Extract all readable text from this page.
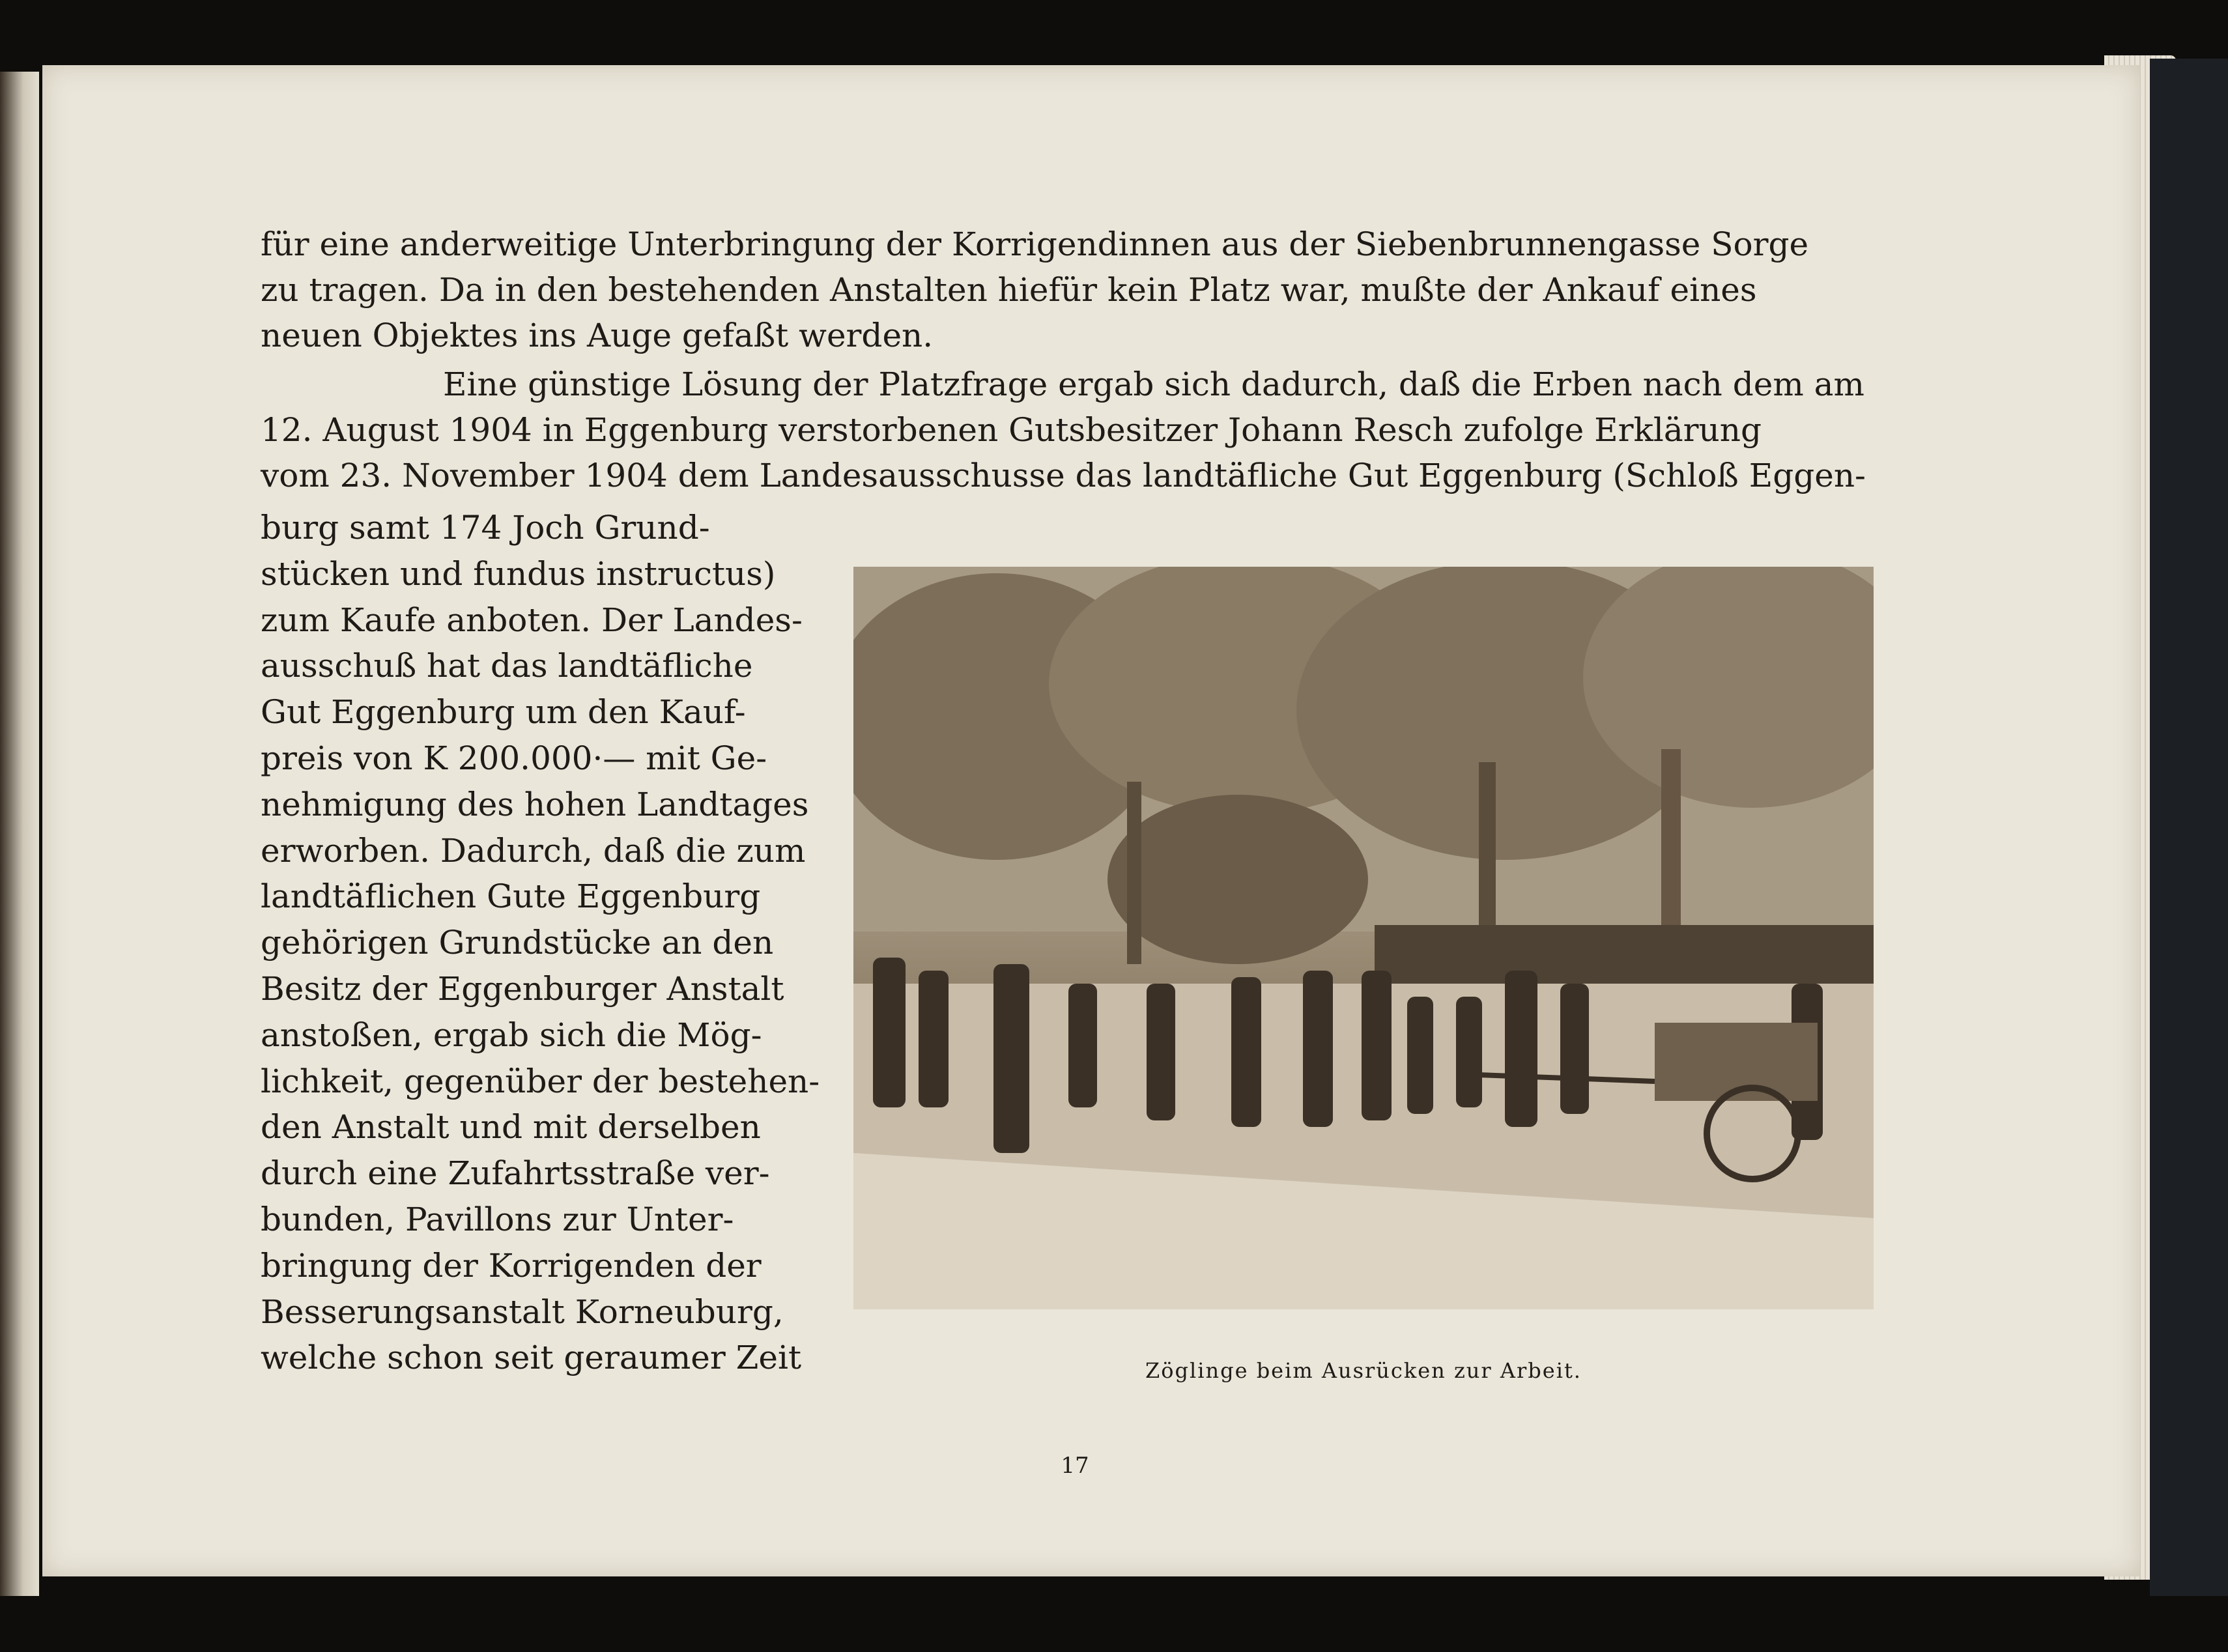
für eine anderweitige Unterbringung der Korrigendinnen aus der Siebenbrunnengasse Sorge

zu tragen. Da in den bestehenden Anstalten hiefür kein Platz war, mußte der Ankauf eines

neuen Objektes ins Auge gefaßt werden.

Eine günstige Lösung der Platzfrage ergab sich dadurch, daß die Erben nach dem am

12. August 1904 in Eggenburg verstorbenen Gutsbesitzer Johann Resch zufolge Erklärung

vom 23. November 1904 dem Landesausschusse das landtäfliche Gut Eggenburg (Schloß Eggen-

burg samt 174 Joch Grund-

stücken und fundus instructus)

zum Kaufe anboten. Der Landes-

ausschuß hat das landtäfliche

Gut Eggenburg um den Kauf-

preis von K 200.000·— mit Ge-

nehmigung des hohen Landtages

erworben. Dadurch, daß die zum

landtäflichen Gute Eggenburg

gehörigen Grundstücke an den

Besitz der Eggenburger Anstalt

anstoßen, ergab sich die Mög-

lichkeit, gegenüber der bestehen-

den Anstalt und mit derselben

durch eine Zufahrtsstraße ver-

bunden, Pavillons zur Unter-

bringung der Korrigenden der

Besserungsanstalt Korneuburg,

welche schon seit geraumer Zeit	Zöglinge beim Ausrücken zur Arbeit.
17
